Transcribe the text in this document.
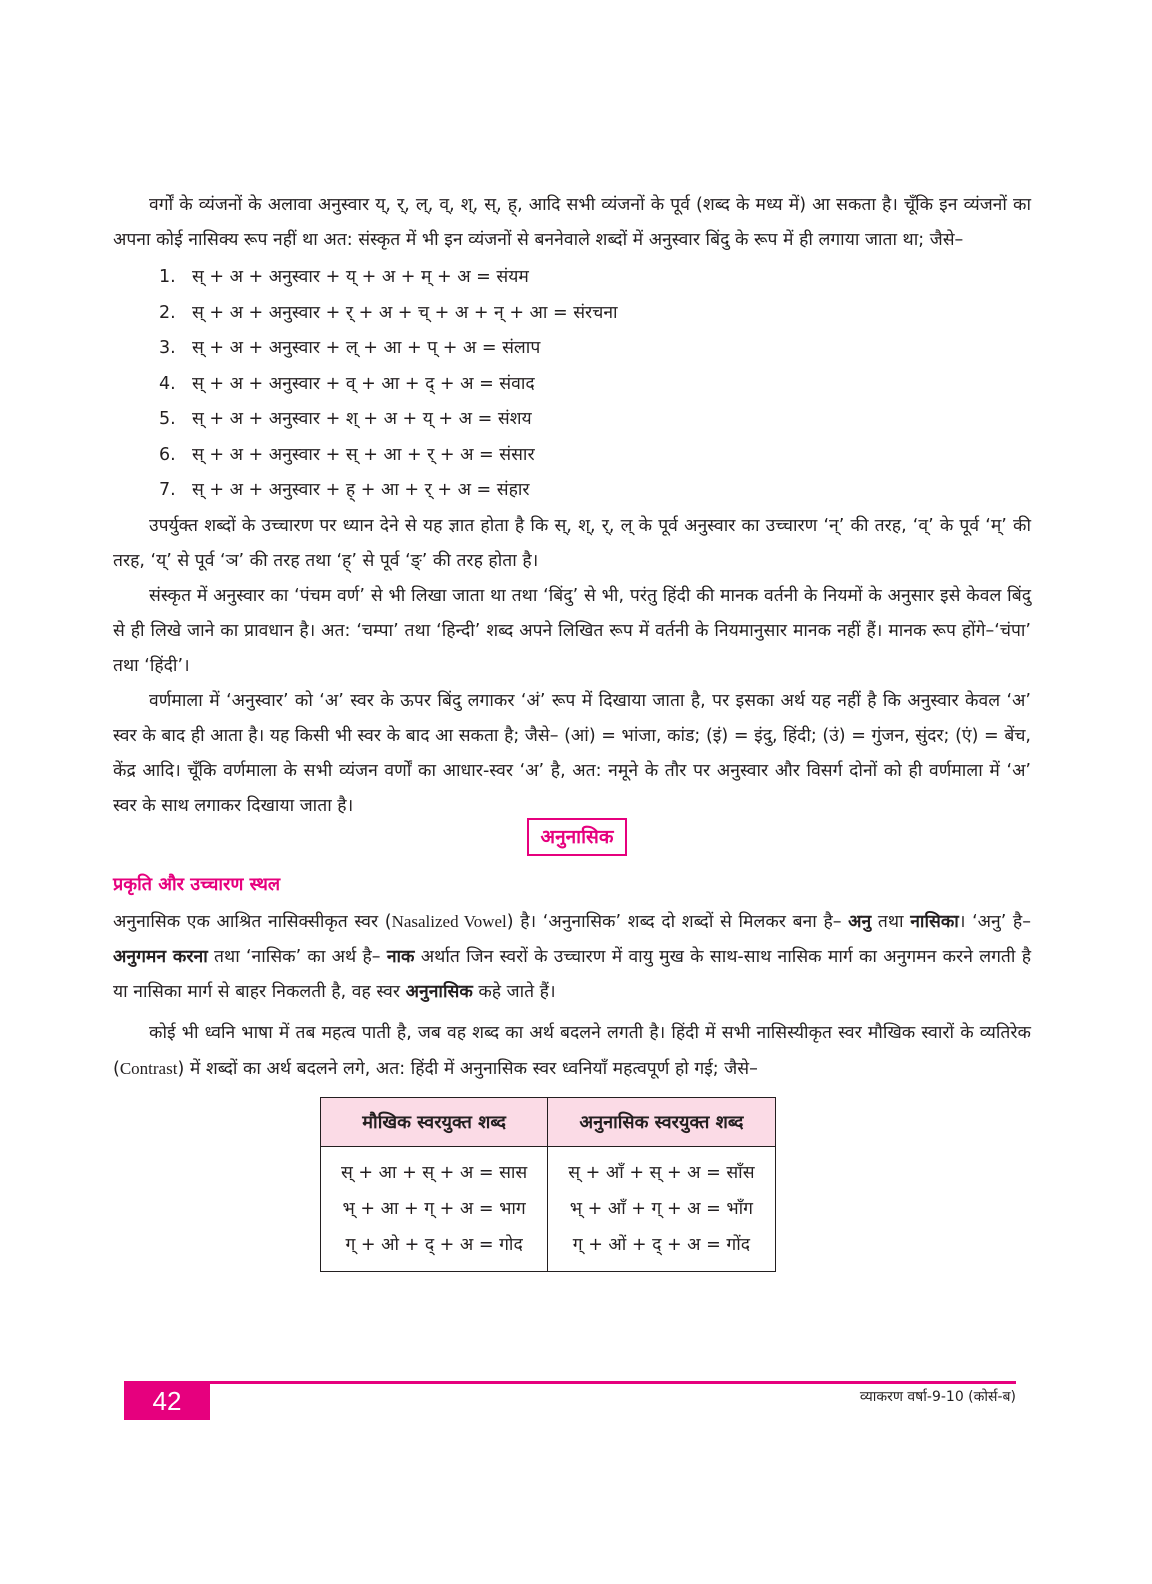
वर्गों के व्यंजनों के अलावा अनुस्वार य्, र्, ल्, व्, श्, स्, ह्, आदि सभी व्यंजनों के पूर्व (शब्द के मध्य में) आ सकता है। चूँकि इन व्यंजनों का अपना कोई नासिक्य रूप नहीं था अत: संस्कृत में भी इन व्यंजनों से बननेवाले शब्दों में अनुस्वार बिंदु के रूप में ही लगाया जाता था; जैसे–

1. स् + अ + अनुस्वार + य् + अ + म् + अ = संयम
2. स् + अ + अनुस्वार + र् + अ + च् + अ + न् + आ = संरचना
3. स् + अ + अनुस्वार + ल् + आ + प् + अ = संलाप
4. स् + अ + अनुस्वार + व् + आ + द् + अ = संवाद
5. स् + अ + अनुस्वार + श् + अ + य् + अ = संशय
6. स् + अ + अनुस्वार + स् + आ + र् + अ = संसार
7. स् + अ + अनुस्वार + ह् + आ + र् + अ = संहार

उपर्युक्त शब्दों के उच्चारण पर ध्यान देने से यह ज्ञात होता है कि स्, श्, र्, ल् के पूर्व अनुस्वार का उच्चारण ‘न्’ की तरह, ‘व्’ के पूर्व ‘म्’ की तरह, ‘य्’ से पूर्व ‘ञ’ की तरह तथा ‘ह्’ से पूर्व ‘ङ्’ की तरह होता है।

संस्कृत में अनुस्वार का ‘पंचम वर्ण’ से भी लिखा जाता था तथा ‘बिंदु’ से भी, परंतु हिंदी की मानक वर्तनी के नियमों के अनुसार इसे केवल बिंदु से ही लिखे जाने का प्रावधान है। अत: ‘चम्पा’ तथा ‘हिन्दी’ शब्द अपने लिखित रूप में वर्तनी के नियमानुसार मानक नहीं हैं। मानक रूप होंगे–‘चंपा’ तथा ‘हिंदी’।

वर्णमाला में ‘अनुस्वार’ को ‘अ’ स्वर के ऊपर बिंदु लगाकर ‘अं’ रूप में दिखाया जाता है, पर इसका अर्थ यह नहीं है कि अनुस्वार केवल ‘अ’ स्वर के बाद ही आता है। यह किसी भी स्वर के बाद आ सकता है; जैसे– (आं) = भांजा, कांड; (इं) = इंदु, हिंदी; (उं) = गुंजन, सुंदर; (एं) = बेंच, केंद्र आदि। चूँकि वर्णमाला के सभी व्यंजन वर्णों का आधार-स्वर ‘अ’ है, अत: नमूने के तौर पर अनुस्वार और विसर्ग दोनों को ही वर्णमाला में ‘अ’ स्वर के साथ लगाकर दिखाया जाता है।

अनुनासिक
प्रकृति और उच्चारण स्थल

अनुनासिक एक आश्रित नासिक्सीकृत स्वर (Nasalized Vowel) है। ‘अनुनासिक’ शब्द दो शब्दों से मिलकर बना है– अनु तथा नासिका। ‘अनु’ है– अनुगमन करना तथा ‘नासिक’ का अर्थ है– नाक अर्थात जिन स्वरों के उच्चारण में वायु मुख के साथ-साथ नासिक मार्ग का अनुगमन करने लगती है या नासिका मार्ग से बाहर निकलती है, वह स्वर अनुनासिक कहे जाते हैं।

कोई भी ध्वनि भाषा में तब महत्व पाती है, जब वह शब्द का अर्थ बदलने लगती है। हिंदी में सभी नासिस्यीकृत स्वर मौखिक स्वारों के व्यतिरेक (Contrast) में शब्दों का अर्थ बदलने लगे, अत: हिंदी में अनुनासिक स्वर ध्वनियाँ महत्वपूर्ण हो गई; जैसे–

मौखिक स्वरयुक्त शब्द	अनुनासिक स्वरयुक्त शब्द
स् + आ + स् + अ = सास	स् + आँ + स् + अ = साँस
भ् + आ + ग् + अ = भाग	भ् + आँ + ग् + अ = भाँग
ग् + ओ + द् + अ = गोद	ग् + ओं + द् + अ = गोंद
42	व्याकरण वर्षा-9-10 (कोर्स-ब)
